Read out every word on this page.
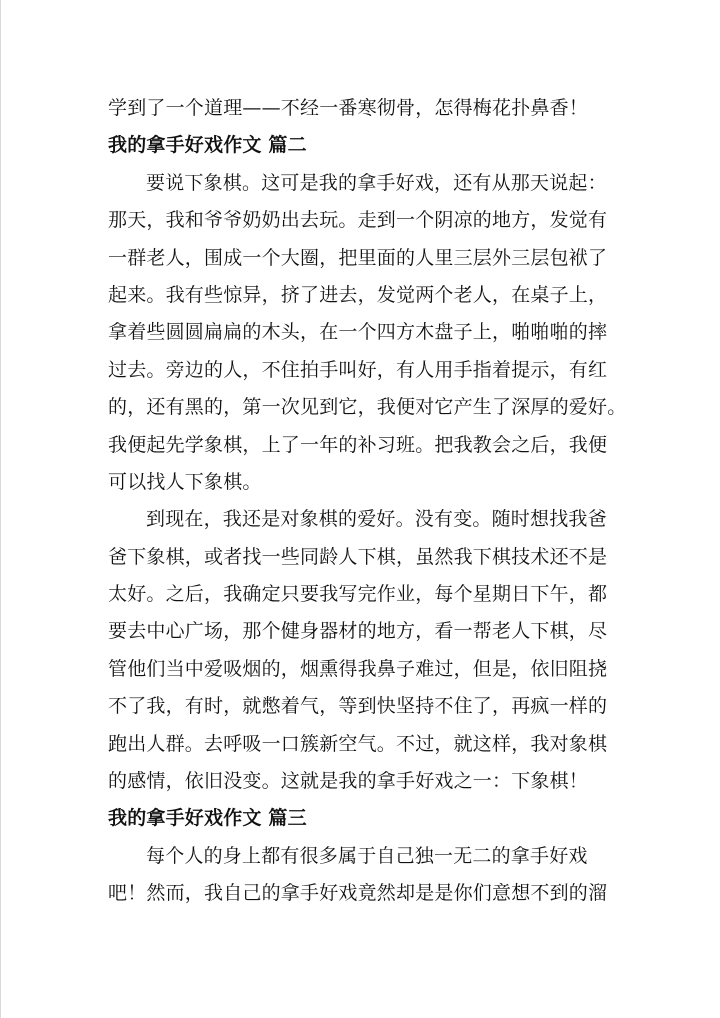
学到了一个道理——不经一番寒彻骨，怎得梅花扑鼻香！

我的拿手好戏作文 篇二

要说下象棋。这可是我的拿手好戏，还有从那天说起：

那天，我和爷爷奶奶出去玩。走到一个阴凉的地方，发觉有

一群老人，围成一个大圈，把里面的人里三层外三层包袱了

起来。我有些惊异，挤了进去，发觉两个老人，在桌子上，

拿着些圆圆扁扁的木头，在一个四方木盘子上，啪啪啪的摔

过去。旁边的人，不住拍手叫好，有人用手指着提示，有红

的，还有黑的，第一次见到它，我便对它产生了深厚的爱好。

我便起先学象棋，上了一年的补习班。把我教会之后，我便

可以找人下象棋。

到现在，我还是对象棋的爱好。没有变。随时想找我爸

爸下象棋，或者找一些同龄人下棋，虽然我下棋技术还不是

太好。之后，我确定只要我写完作业，每个星期日下午，都

要去中心广场，那个健身器材的地方，看一帮老人下棋，尽

管他们当中爱吸烟的，烟熏得我鼻子难过，但是，依旧阻挠

不了我，有时，就憋着气，等到快坚持不住了，再疯一样的

跑出人群。去呼吸一口簇新空气。不过，就这样，我对象棋

的感情，依旧没变。这就是我的拿手好戏之一：下象棋！

我的拿手好戏作文 篇三

每个人的身上都有很多属于自己独一无二的拿手好戏

吧！然而，我自己的拿手好戏竟然却是是你们意想不到的溜
